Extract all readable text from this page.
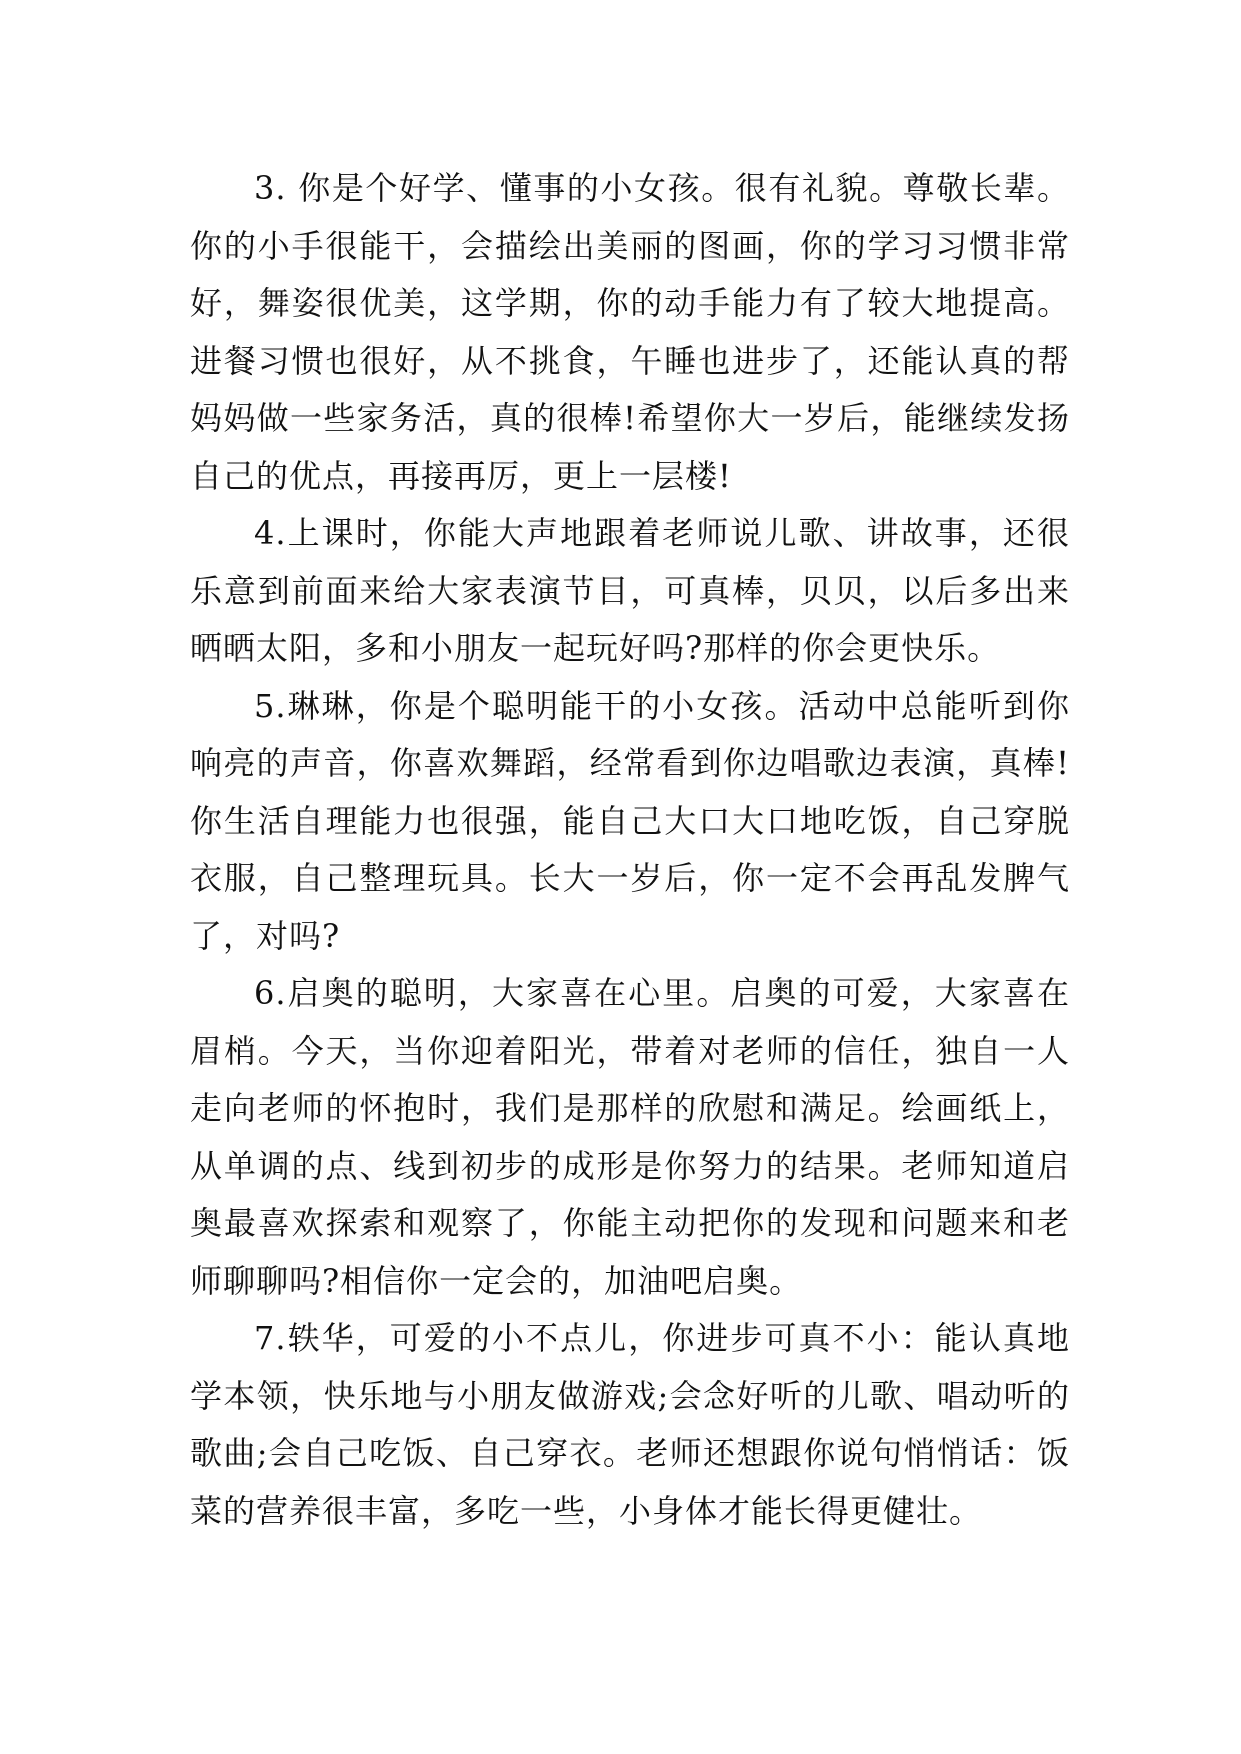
3. 你是个好学、懂事的小女孩。很有礼貌。尊敬长辈。你的小手很能干，会描绘出美丽的图画，你的学习习惯非常好，舞姿很优美，这学期，你的动手能力有了较大地提高。进餐习惯也很好，从不挑食，午睡也进步了，还能认真的帮妈妈做一些家务活，真的很棒!希望你大一岁后，能继续发扬自己的优点，再接再厉，更上一层楼!

4.上课时，你能大声地跟着老师说儿歌、讲故事，还很乐意到前面来给大家表演节目，可真棒，贝贝，以后多出来晒晒太阳，多和小朋友一起玩好吗?那样的你会更快乐。

5.琳琳，你是个聪明能干的小女孩。活动中总能听到你响亮的声音，你喜欢舞蹈，经常看到你边唱歌边表演，真棒!你生活自理能力也很强，能自己大口大口地吃饭，自己穿脱衣服，自己整理玩具。长大一岁后，你一定不会再乱发脾气了，对吗?

6.启奥的聪明，大家喜在心里。启奥的可爱，大家喜在眉梢。今天，当你迎着阳光，带着对老师的信任，独自一人走向老师的怀抱时，我们是那样的欣慰和满足。绘画纸上，从单调的点、线到初步的成形是你努力的结果。老师知道启奥最喜欢探索和观察了，你能主动把你的发现和问题来和老师聊聊吗?相信你一定会的，加油吧启奥。

7.轶华，可爱的小不点儿，你进步可真不小：能认真地学本领，快乐地与小朋友做游戏;会念好听的儿歌、唱动听的歌曲;会自己吃饭、自己穿衣。老师还想跟你说句悄悄话：饭菜的营养很丰富，多吃一些，小身体才能长得更健壮。
